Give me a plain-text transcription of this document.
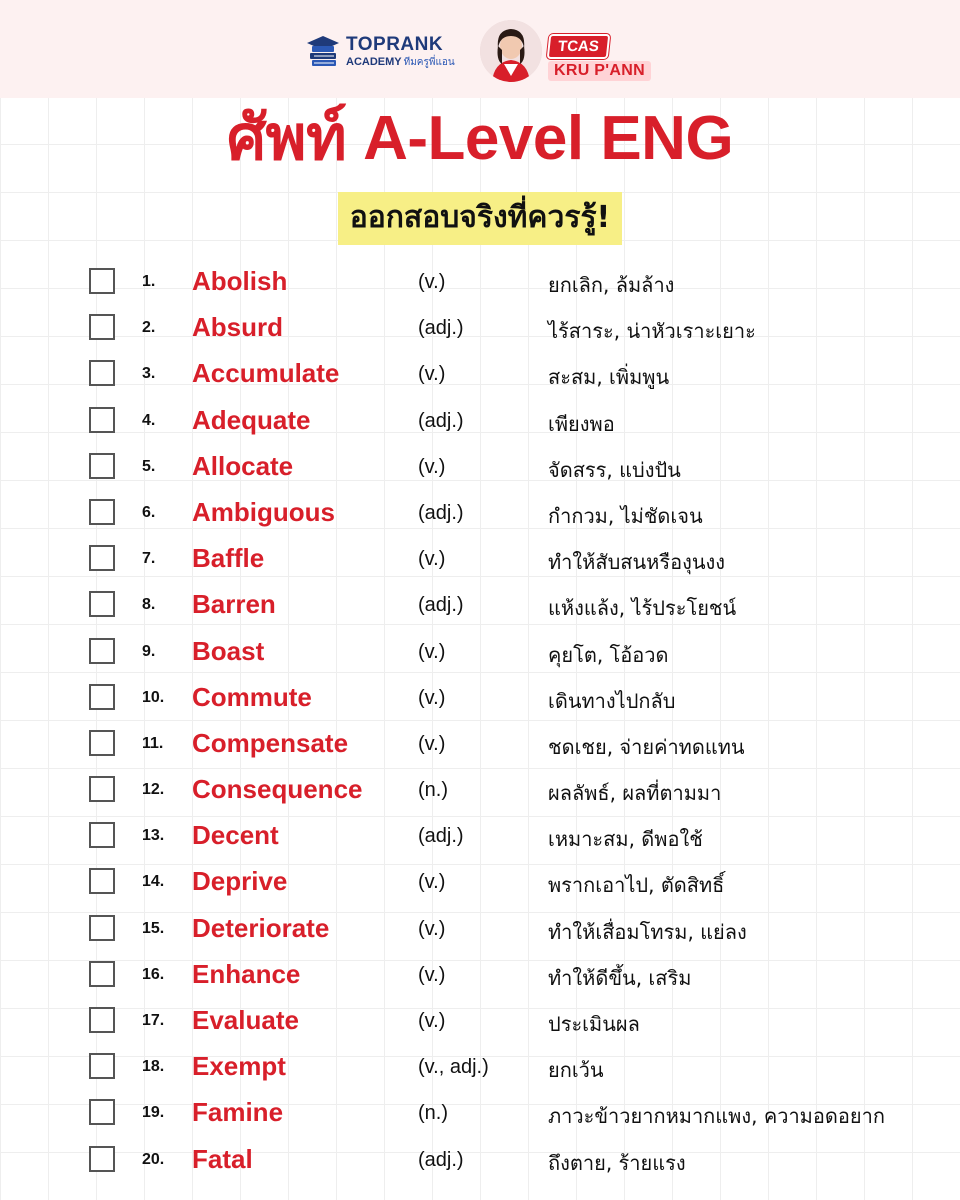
TOPRANK
ACADEMY ทีมครูพี่แอน
TCAS
KRU P'ANN
ศัพท์ A-Level ENG
ออกสอบจริงที่ควรรู้!
1. Abolish	(v.)	ยกเลิก, ล้มล้าง
2. Absurd	(adj.)	ไร้สาระ, น่าหัวเราะเยาะ
3. Accumulate	(v.)	สะสม, เพิ่มพูน
4. Adequate	(adj.)	เพียงพอ
5. Allocate	(v.)	จัดสรร, แบ่งปัน
6. Ambiguous	(adj.)	กำกวม, ไม่ชัดเจน
7. Baffle	(v.)	ทำให้สับสนหรืองุนงง
8. Barren	(adj.)	แห้งแล้ง, ไร้ประโยชน์
9. Boast	(v.)	คุยโต, โอ้อวด
10. Commute	(v.)	เดินทางไปกลับ
11. Compensate	(v.)	ชดเชย, จ่ายค่าทดแทน
12. Consequence	(n.)	ผลลัพธ์, ผลที่ตามมา
13. Decent	(adj.)	เหมาะสม, ดีพอใช้
14. Deprive	(v.)	พรากเอาไป, ตัดสิทธิ์
15. Deteriorate	(v.)	ทำให้เสื่อมโทรม, แย่ลง
16. Enhance	(v.)	ทำให้ดีขึ้น, เสริม
17. Evaluate	(v.)	ประเมินผล
18. Exempt	(v., adj.)	ยกเว้น
19. Famine	(n.)	ภาวะข้าวยากหมากแพง, ความอดอยาก
20. Fatal	(adj.)	ถึงตาย, ร้ายแรง
